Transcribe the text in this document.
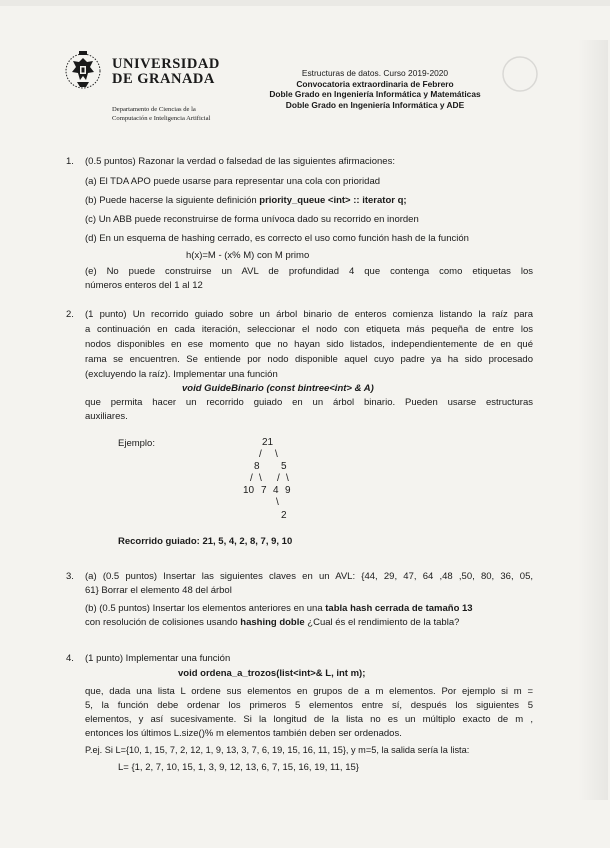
UNIVERSIDAD
DE GRANADA
Departamento de Ciencias de la
Computación e Inteligencia Artificial
Estructuras de datos. Curso 2019-2020
Convocatoria extraordinaria de Febrero
Doble Grado en Ingeniería Informática y Matemáticas
Doble Grado en Ingeniería Informática y ADE
1. (0.5 puntos) Razonar la verdad o falsedad de las siguientes afirmaciones:
(a) El TDA APO puede usarse para representar una cola con prioridad
(b) Puede hacerse la siguiente definición priority_queue <int> :: iterator q;
(c) Un ABB puede reconstruirse de forma unívoca dado su recorrido en inorden
(d) En un esquema de hashing cerrado, es correcto el uso como función hash de la función
h(x)=M - (x% M) con M primo
(e) No puede construirse un AVL de profundidad 4 que contenga como etiquetas los
números enteros del 1 al 12
2. (1 punto) Un recorrido guiado sobre un árbol binario de enteros comienza listando la raíz para
a continuación en cada iteración, seleccionar el nodo con etiqueta más pequeña de entre los
nodos disponibles en ese momento que no hayan sido listados, independientemente de en qué
rama se encuentren. Se entiende por nodo disponible aquel cuyo padre ya ha sido procesado
(excluyendo la raíz). Implementar una función
void GuideBinario (const bintree<int> & A)
que permita hacer un recorrido guiado en un árbol binario. Pueden usarse estructuras
auxiliares.
Ejemplo:	21
/ \
8 5
/ \ / \
10 7 4 9
\
2
Recorrido guiado: 21, 5, 4, 2, 8, 7, 9, 10
3. (a) (0.5 puntos) Insertar las siguientes claves en un AVL: {44, 29, 47, 64 ,48 ,50, 80, 36, 05,
61} Borrar el elemento 48 del árbol
(b) (0.5 puntos) Insertar los elementos anteriores en una tabla hash cerrada de tamaño 13
con resolución de colisiones usando hashing doble ¿Cual és el rendimiento de la tabla?
4. (1 punto) Implementar una función
void ordena_a_trozos(list<int>& L, int m);
que, dada una lista L ordene sus elementos en grupos de a m elementos. Por ejemplo si m =
5, la función debe ordenar los primeros 5 elementos entre sí, después los siguientes 5
elementos, y así sucesivamente. Si la longitud de la lista no es un múltiplo exacto de m ,
entonces los últimos L.size()% m elementos también deben ser ordenados.
P.ej. Si L={10, 1, 15, 7, 2, 12, 1, 9, 13, 3, 7, 6, 19, 15, 16, 11, 15}, y m=5, la salida sería la lista:
L= {1, 2, 7, 10, 15, 1, 3, 9, 12, 13, 6, 7, 15, 16, 19, 11, 15}
